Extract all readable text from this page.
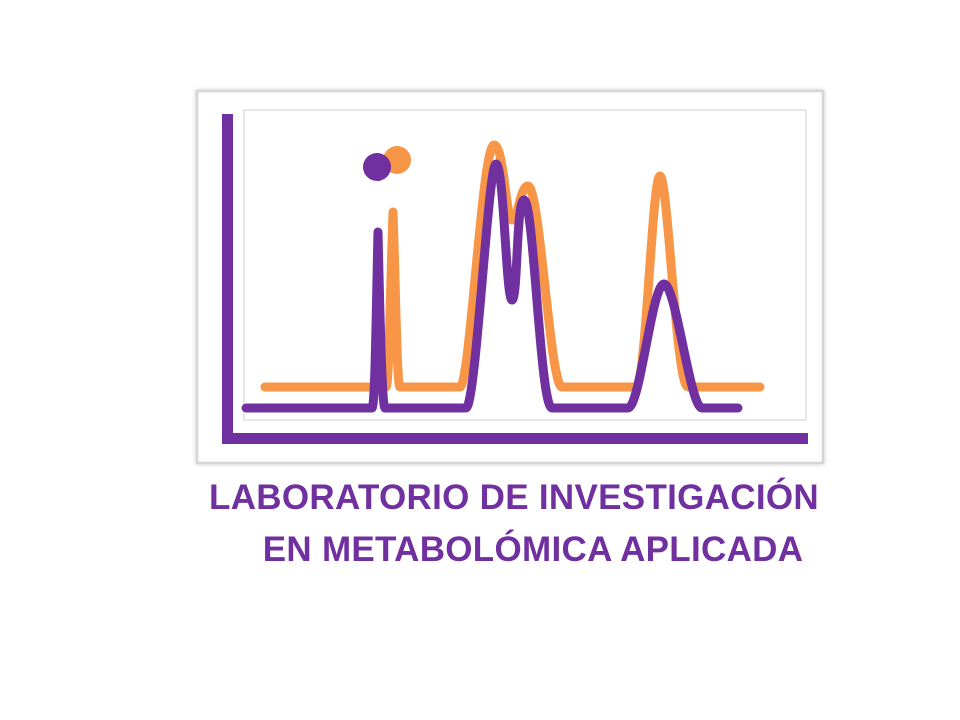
LABORATORIO DE INVESTIGACIÓN
EN METABOLÓMICA APLICADA
